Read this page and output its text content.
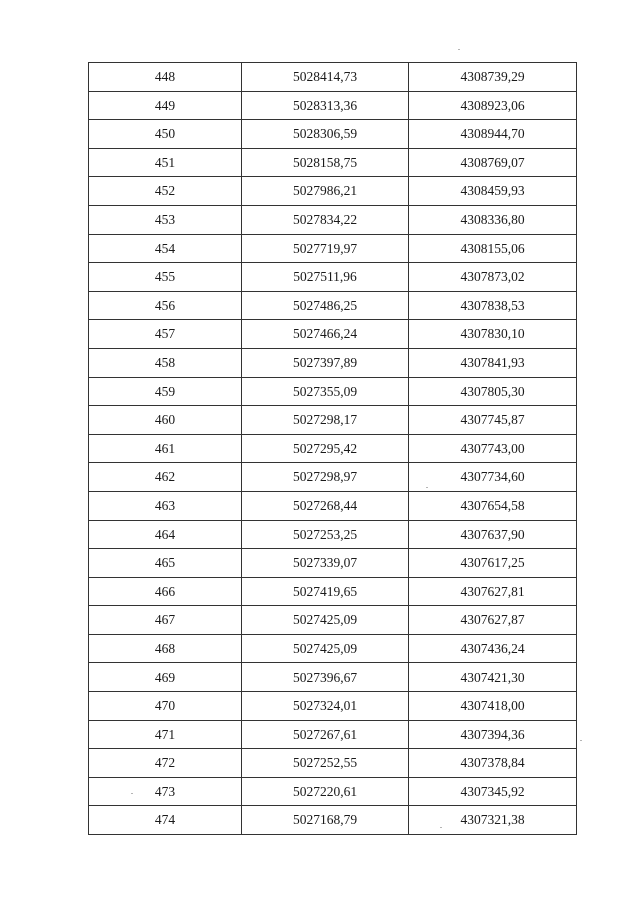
448	5028414,73	4308739,29
449	5028313,36	4308923,06
450	5028306,59	4308944,70
451	5028158,75	4308769,07
452	5027986,21	4308459,93
453	5027834,22	4308336,80
454	5027719,97	4308155,06
455	5027511,96	4307873,02
456	5027486,25	4307838,53
457	5027466,24	4307830,10
458	5027397,89	4307841,93
459	5027355,09	4307805,30
460	5027298,17	4307745,87
461	5027295,42	4307743,00
462	5027298,97	4307734,60
463	5027268,44	4307654,58
464	5027253,25	4307637,90
465	5027339,07	4307617,25
466	5027419,65	4307627,81
467	5027425,09	4307627,87
468	5027425,09	4307436,24
469	5027396,67	4307421,30
470	5027324,01	4307418,00
471	5027267,61	4307394,36
472	5027252,55	4307378,84
473	5027220,61	4307345,92
474	5027168,79	4307321,38
